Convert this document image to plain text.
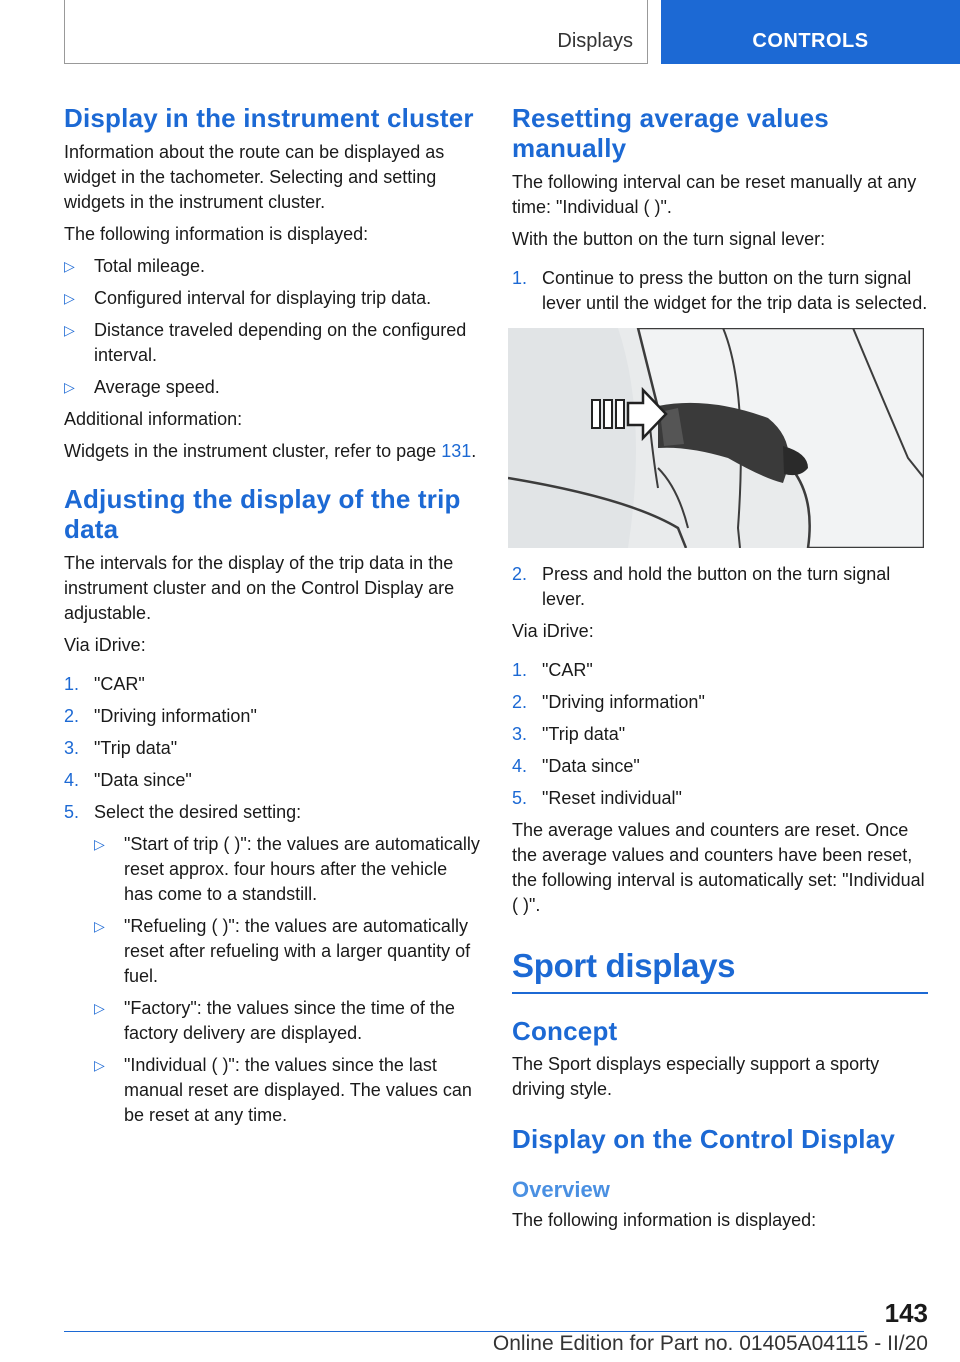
Displays	CONTROLS
Display in the instrument cluster

Information about the route can be displayed as widget in the tachometer. Selecting and setting widgets in the instrument cluster.

The following information is displayed:

▷ Total mileage.
▷ Configured interval for displaying trip data.
▷ Distance traveled depending on the configured interval.
▷ Average speed.

Additional information:

Widgets in the instrument cluster, refer to page 131.

Adjusting the display of the trip data

The intervals for the display of the trip data in the instrument cluster and on the Control Display are adjustable.

Via iDrive:

1. "CAR"
2. "Driving information"
3. "Trip data"
4. "Data since"
5. Select the desired setting:
▷ "Start of trip ( )": the values are automatically reset approx. four hours after the vehicle has come to a standstill.
▷ "Refueling ( )": the values are automatically reset after refueling with a larger quantity of fuel.
▷ "Factory": the values since the time of the factory delivery are displayed.
▷ "Individual ( )": the values since the last manual reset are displayed. The values can be reset at any time.
Resetting average values manually

The following interval can be reset manually at any time: "Individual ( )".

With the button on the turn signal lever:

1. Continue to press the button on the turn signal lever until the widget for the trip data is selected.
2. Press and hold the button on the turn signal lever.

Via iDrive:

1. "CAR"
2. "Driving information"
3. "Trip data"
4. "Data since"
5. "Reset individual"

The average values and counters are reset. Once the average values and counters have been reset, the following interval is automatically set: "Individual ( )".

Sport displays
Concept

The Sport displays especially support a sporty driving style.

Display on the Control Display
Overview

The following information is displayed:

143
Online Edition for Part no. 01405A04115 - II/20
